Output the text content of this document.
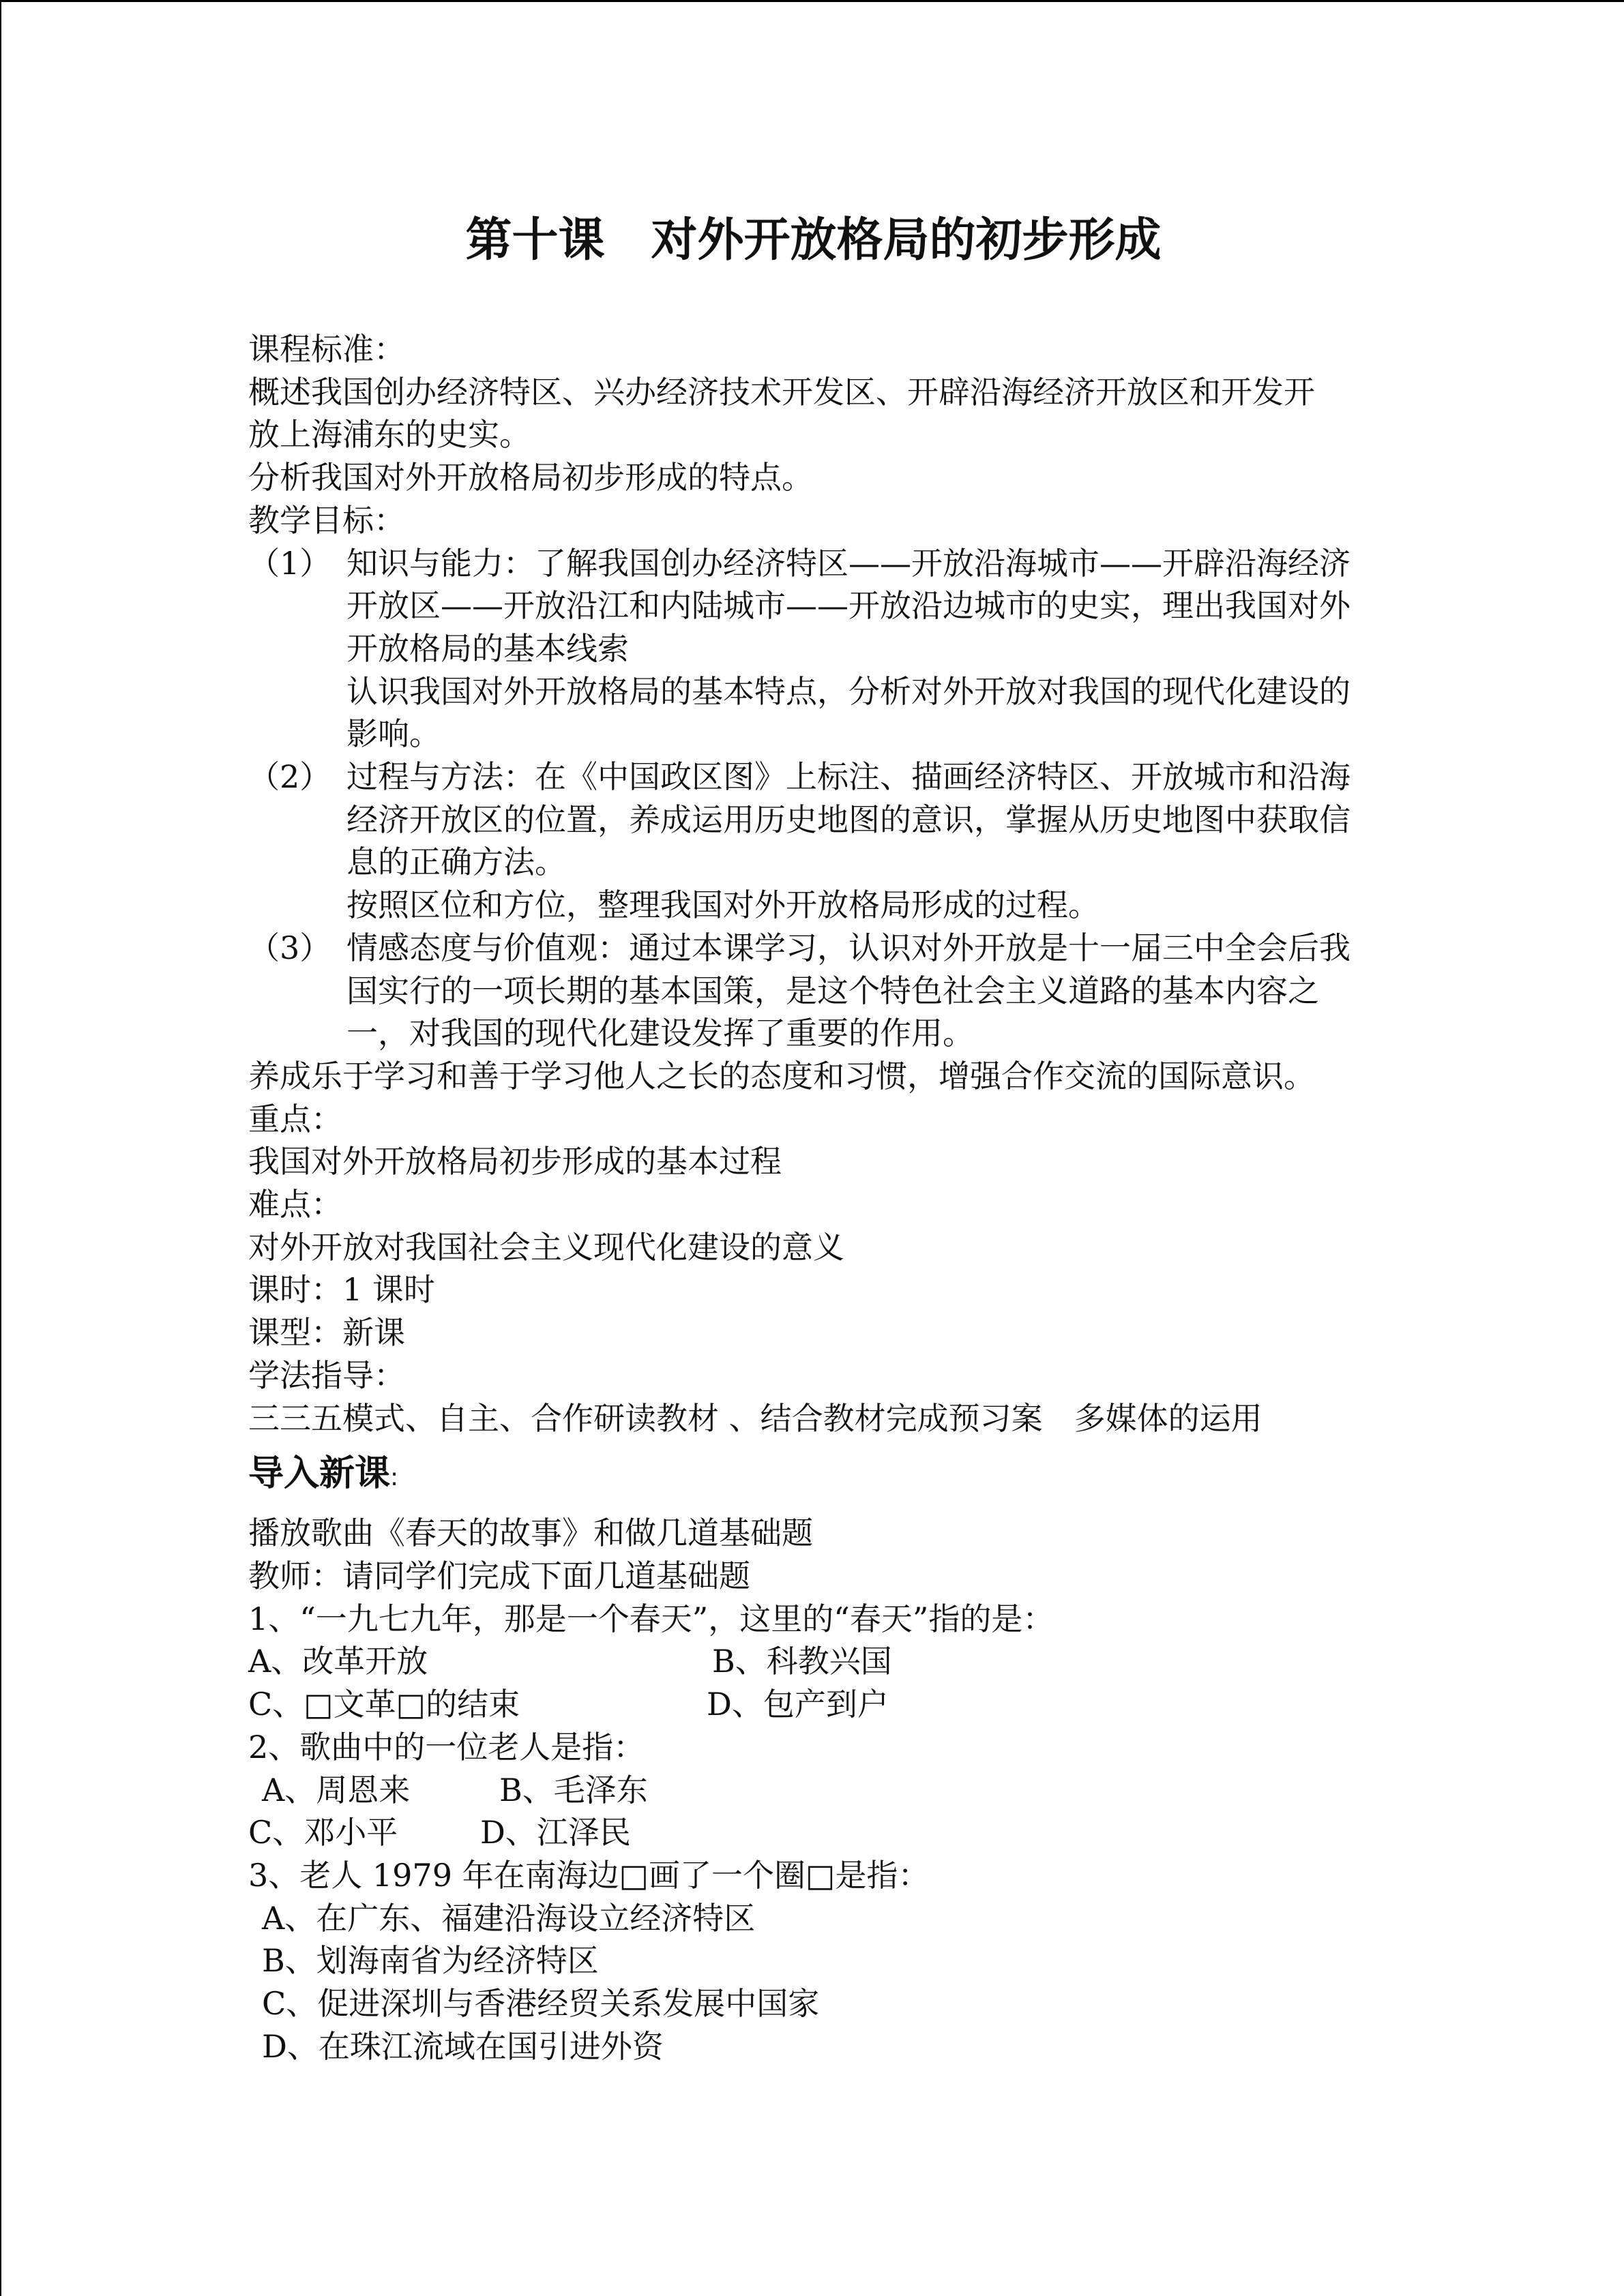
第十课　对外开放格局的初步形成

课程标准：

概述我国创办经济特区、兴办经济技术开发区、开辟沿海经济开放区和开发开

放上海浦东的史实。

分析我国对外开放格局初步形成的特点。

教学目标：

（1） 知识与能力：了解我国创办经济特区——开放沿海城市——开辟沿海经济开放区——开放沿江和内陆城市——开放沿边城市的史实，理出我国对外开放格局的基本线索

认识我国对外开放格局的基本特点，分析对外开放对我国的现代化建设的影响。

（2） 过程与方法：在《中国政区图》上标注、描画经济特区、开放城市和沿海经济开放区的位置，养成运用历史地图的意识，掌握从历史地图中获取信息的正确方法。

按照区位和方位，整理我国对外开放格局形成的过程。

（3） 情感态度与价值观：通过本课学习，认识对外开放是十一届三中全会后我国实行的一项长期的基本国策，是这个特色社会主义道路的基本内容之一，对我国的现代化建设发挥了重要的作用。

养成乐于学习和善于学习他人之长的态度和习惯，增强合作交流的国际意识。

重点：

我国对外开放格局初步形成的基本过程

难点：

对外开放对我国社会主义现代化建设的意义

课时：1 课时

课型：新课

学法指导：

三三五模式、自主、合作研读教材 、结合教材完成预习案　多媒体的运用

导入新课:

播放歌曲《春天的故事》和做几道基础题

教师：请同学们完成下面几道基础题

1、“一九七九年，那是一个春天”，这里的“春天”指的是：

A、改革开放	B、科教兴国
C、□文革□的结束	D、包产到户

2、歌曲中的一位老人是指：

A、周恩来	B、毛泽东
C、邓小平	D、江泽民

3、老人 1979 年在南海边□画了一个圈□是指：

A、在广东、福建沿海设立经济特区

B、划海南省为经济特区

C、促进深圳与香港经贸关系发展中国家

D、在珠江流域在国引进外资
